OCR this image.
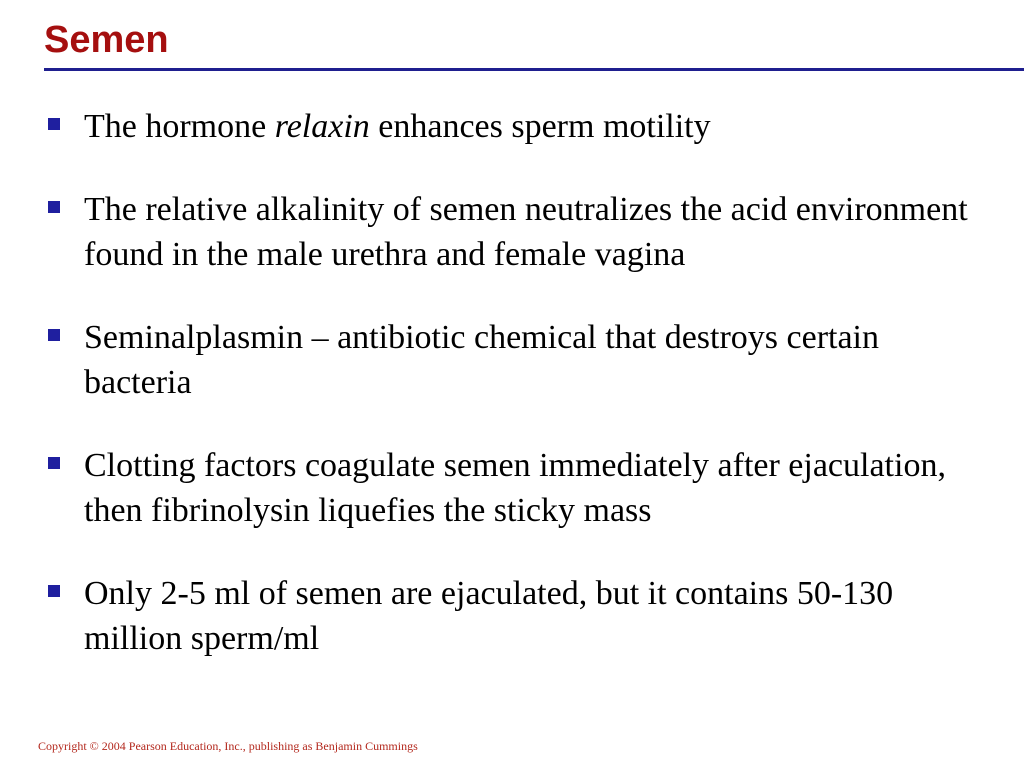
Semen
The hormone relaxin enhances sperm motility
The relative alkalinity of semen neutralizes the acid environment found in the male urethra and female vagina
Seminalplasmin – antibiotic chemical that destroys certain bacteria
Clotting factors coagulate semen immediately after ejaculation, then fibrinolysin liquefies the sticky mass
Only 2-5 ml of semen are ejaculated, but it contains 50-130 million sperm/ml
Copyright © 2004 Pearson Education, Inc., publishing as Benjamin Cummings
